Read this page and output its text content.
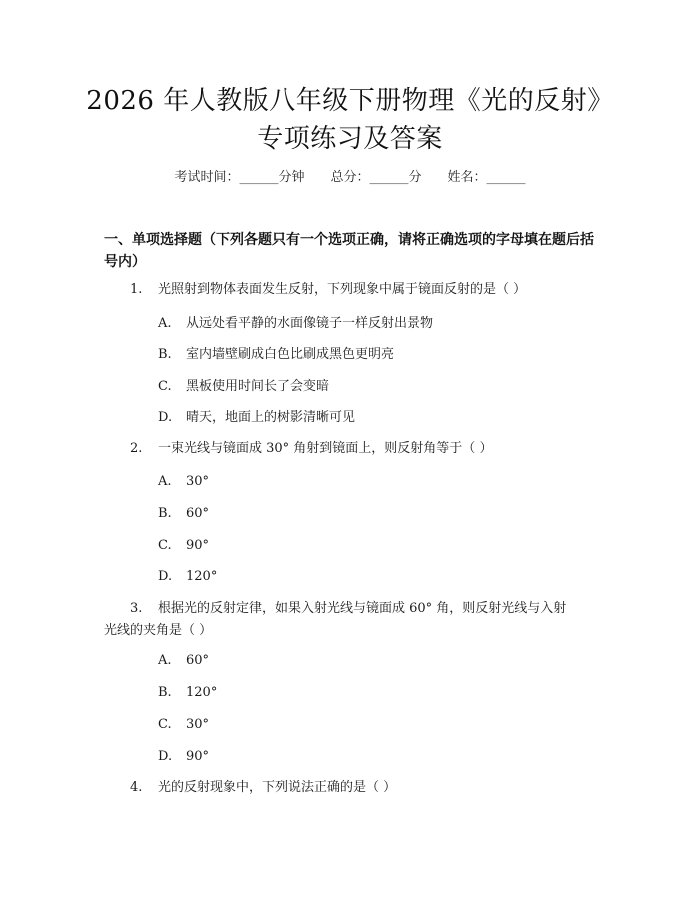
2026 年人教版八年级下册物理《光的反射》
专项练习及答案
考试时间：______分钟 总分：______分 姓名：______
一、单项选择题（下列各题只有一个选项正确，请将正确选项的字母填在题后括
号内）
1. 光照射到物体表面发生反射，下列现象中属于镜面反射的是（ ）
A. 从远处看平静的水面像镜子一样反射出景物
B. 室内墙壁刷成白色比刷成黑色更明亮
C. 黑板使用时间长了会变暗
D. 晴天，地面上的树影清晰可见
2. 一束光线与镜面成 30° 角射到镜面上，则反射角等于（ ）
A. 30°
B. 60°
C. 90°
D. 120°
3. 根据光的反射定律，如果入射光线与镜面成 60° 角，则反射光线与入射
光线的夹角是（ ）
A. 60°
B. 120°
C. 30°
D. 90°
4. 光的反射现象中，下列说法正确的是（ ）
